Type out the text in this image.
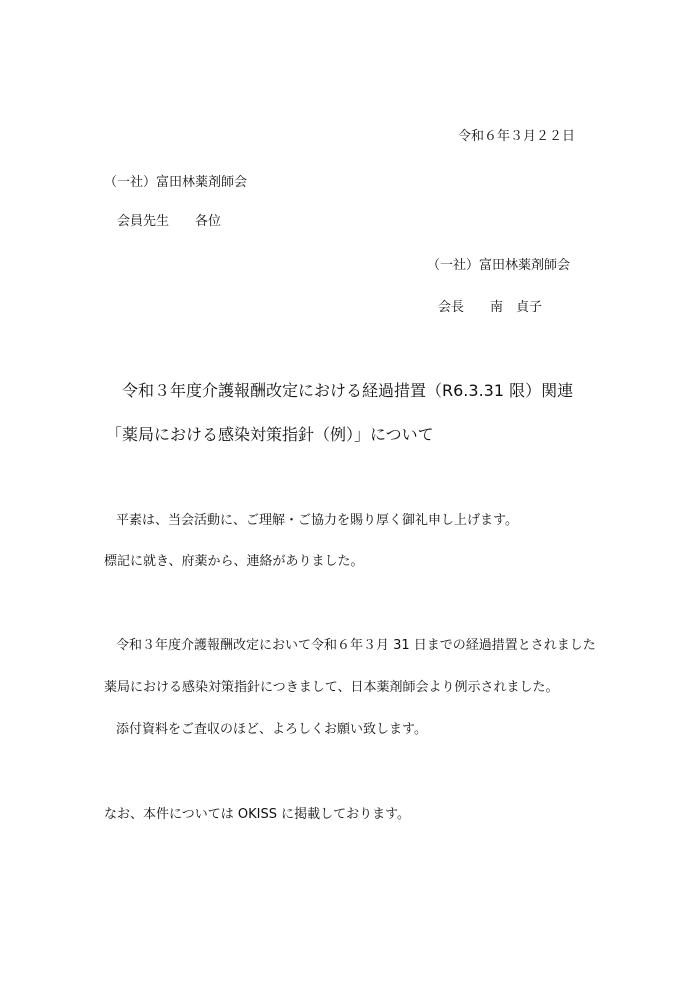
令和６年３月２２日
（一社）富田林薬剤師会
会員先生　　各位
（一社）富田林薬剤師会
会長　　南　貞子
令和３年度介護報酬改定における経過措置（R6.3.31 限）関連
「薬局における感染対策指針（例）」について
平素は、当会活動に、ご理解・ご協力を賜り厚く御礼申し上げます。
標記に就き、府薬から、連絡がありました。
令和３年度介護報酬改定において令和６年３月 31 日までの経過措置とされました
薬局における感染対策指針につきまして、日本薬剤師会より例示されました。
添付資料をご査収のほど、よろしくお願い致します。
なお、本件については OKISS に掲載しております。
